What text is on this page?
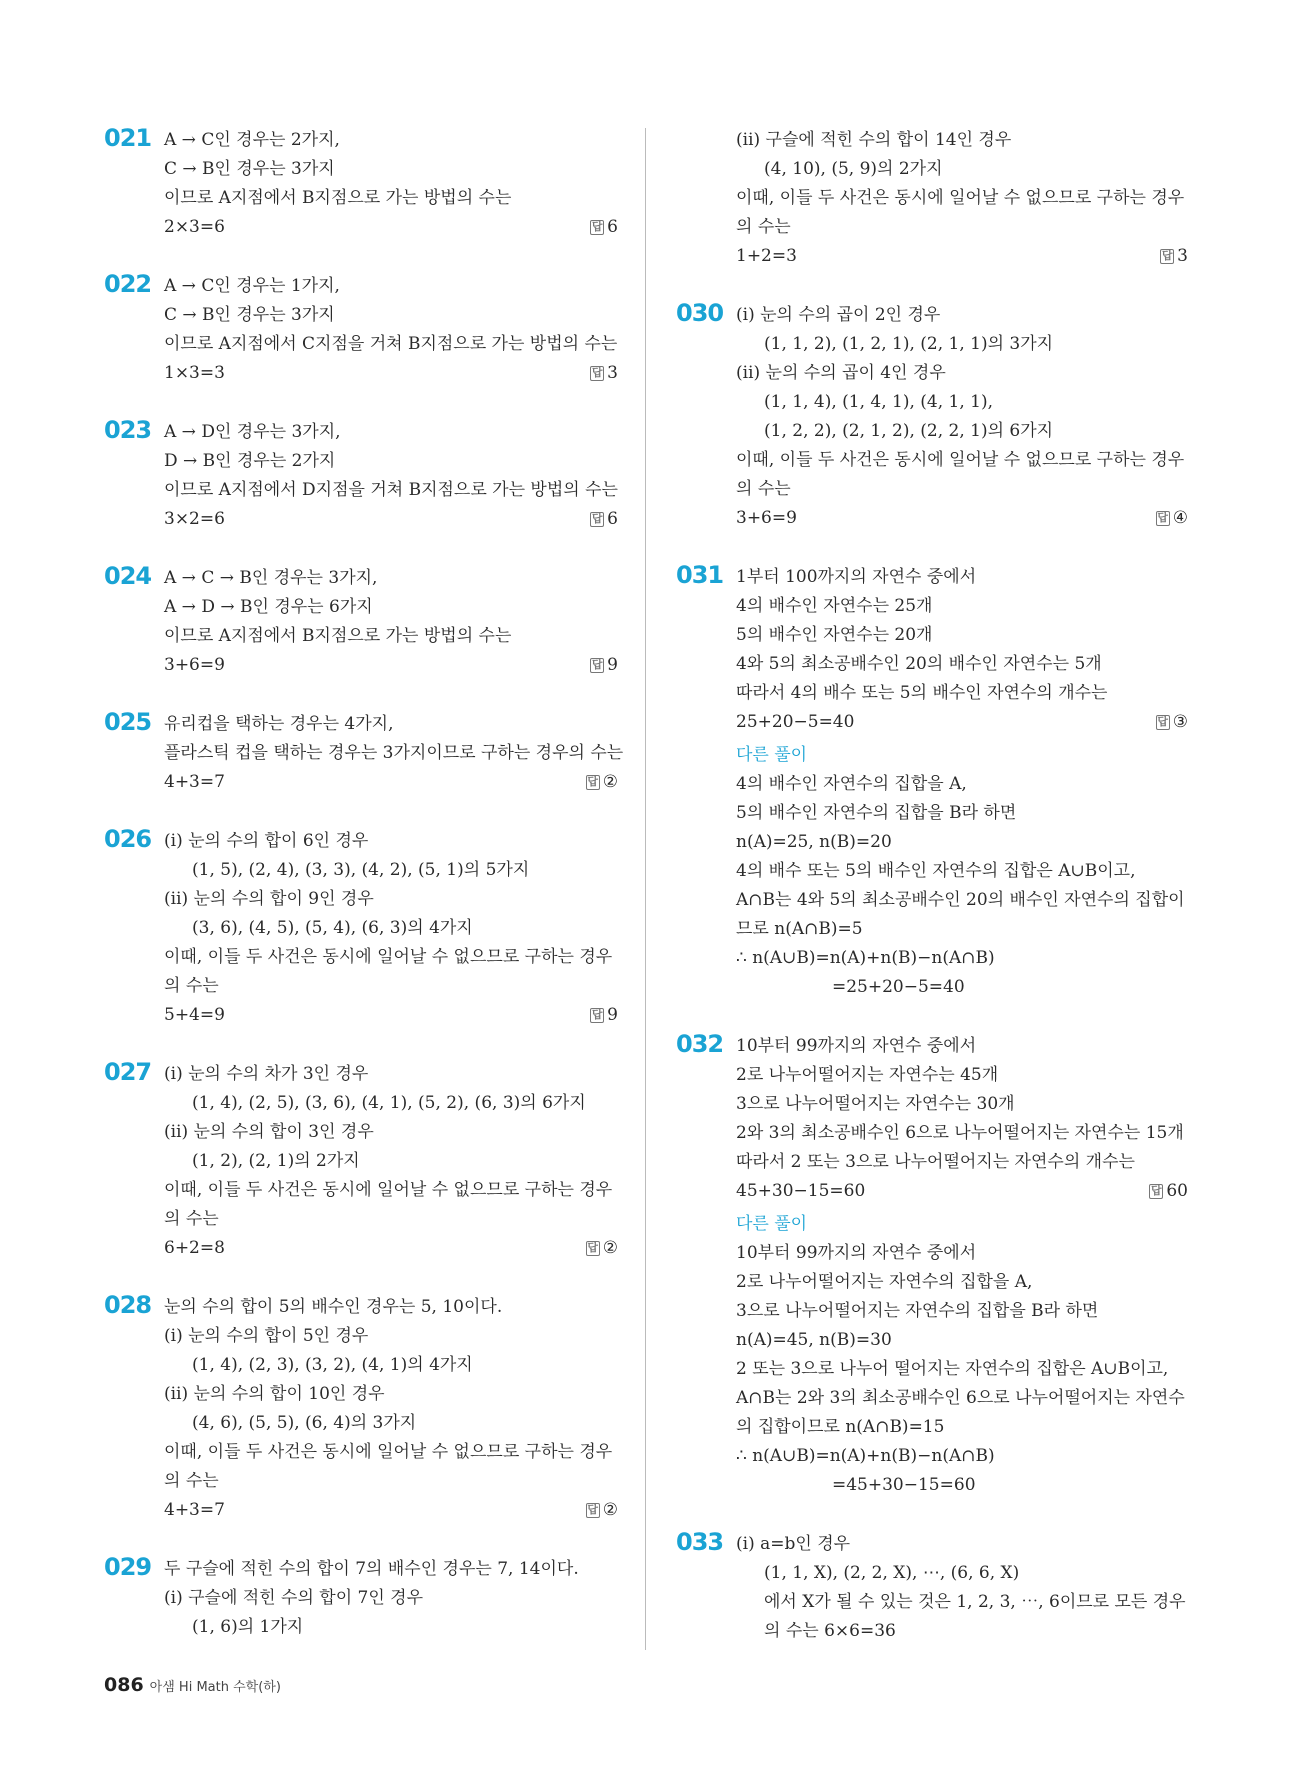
021 A → C인 경우는 2가지,
C → B인 경우는 3가지
이므로 A지점에서 B지점으로 가는 방법의 수는
2×3=6	답 6
022 A → C인 경우는 1가지,
C → B인 경우는 3가지
이므로 A지점에서 C지점을 거쳐 B지점으로 가는 방법의 수는
1×3=3	답 3
023 A → D인 경우는 3가지,
D → B인 경우는 2가지
이므로 A지점에서 D지점을 거쳐 B지점으로 가는 방법의 수는
3×2=6	답 6
024 A → C → B인 경우는 3가지,
A → D → B인 경우는 6가지
이므로 A지점에서 B지점으로 가는 방법의 수는
3+6=9	답 9
025 유리컵을 택하는 경우는 4가지,
플라스틱 컵을 택하는 경우는 3가지이므로 구하는 경우의 수는
4+3=7	답 ②
026 (ⅰ) 눈의 수의 합이 6인 경우
(1, 5), (2, 4), (3, 3), (4, 2), (5, 1)의 5가지
(ⅱ) 눈의 수의 합이 9인 경우
(3, 6), (4, 5), (5, 4), (6, 3)의 4가지
이때, 이들 두 사건은 동시에 일어날 수 없으므로 구하는 경우
의 수는
5+4=9	답 9
027 (ⅰ) 눈의 수의 차가 3인 경우
(1, 4), (2, 5), (3, 6), (4, 1), (5, 2), (6, 3)의 6가지
(ⅱ) 눈의 수의 합이 3인 경우
(1, 2), (2, 1)의 2가지
이때, 이들 두 사건은 동시에 일어날 수 없으므로 구하는 경우
의 수는
6+2=8	답 ②
028 눈의 수의 합이 5의 배수인 경우는 5, 10이다.
(ⅰ) 눈의 수의 합이 5인 경우
(1, 4), (2, 3), (3, 2), (4, 1)의 4가지
(ⅱ) 눈의 수의 합이 10인 경우
(4, 6), (5, 5), (6, 4)의 3가지
이때, 이들 두 사건은 동시에 일어날 수 없으므로 구하는 경우
의 수는
4+3=7	답 ②
029 두 구슬에 적힌 수의 합이 7의 배수인 경우는 7, 14이다.
(ⅰ) 구슬에 적힌 수의 합이 7인 경우
(1, 6)의 1가지
(ⅱ) 구슬에 적힌 수의 합이 14인 경우
(4, 10), (5, 9)의 2가지
이때, 이들 두 사건은 동시에 일어날 수 없으므로 구하는 경우
의 수는
1+2=3	답 3
030 (ⅰ) 눈의 수의 곱이 2인 경우
(1, 1, 2), (1, 2, 1), (2, 1, 1)의 3가지
(ⅱ) 눈의 수의 곱이 4인 경우
(1, 1, 4), (1, 4, 1), (4, 1, 1),
(1, 2, 2), (2, 1, 2), (2, 2, 1)의 6가지
이때, 이들 두 사건은 동시에 일어날 수 없으므로 구하는 경우
의 수는
3+6=9	답 ④
031 1부터 100까지의 자연수 중에서
4의 배수인 자연수는 25개
5의 배수인 자연수는 20개
4와 5의 최소공배수인 20의 배수인 자연수는 5개
따라서 4의 배수 또는 5의 배수인 자연수의 개수는
25+20−5=40	답 ③
다른 풀이
4의 배수인 자연수의 집합을 A,
5의 배수인 자연수의 집합을 B라 하면
n(A)=25, n(B)=20
4의 배수 또는 5의 배수인 자연수의 집합은 A∪B이고,
A∩B는 4와 5의 최소공배수인 20의 배수인 자연수의 집합이
므로 n(A∩B)=5
∴ n(A∪B)=n(A)+n(B)−n(A∩B)
=25+20−5=40
032 10부터 99까지의 자연수 중에서
2로 나누어떨어지는 자연수는 45개
3으로 나누어떨어지는 자연수는 30개
2와 3의 최소공배수인 6으로 나누어떨어지는 자연수는 15개
따라서 2 또는 3으로 나누어떨어지는 자연수의 개수는
45+30−15=60	답 60
다른 풀이
10부터 99까지의 자연수 중에서
2로 나누어떨어지는 자연수의 집합을 A,
3으로 나누어떨어지는 자연수의 집합을 B라 하면
n(A)=45, n(B)=30
2 또는 3으로 나누어 떨어지는 자연수의 집합은 A∪B이고,
A∩B는 2와 3의 최소공배수인 6으로 나누어떨어지는 자연수
의 집합이므로 n(A∩B)=15
∴ n(A∪B)=n(A)+n(B)−n(A∩B)
=45+30−15=60
033 (ⅰ) a=b인 경우
(1, 1, X), (2, 2, X), ⋯, (6, 6, X)
에서 X가 될 수 있는 것은 1, 2, 3, ⋯, 6이므로 모든 경우
의 수는 6×6=36
086 아샘 Hi Math 수학(하)
